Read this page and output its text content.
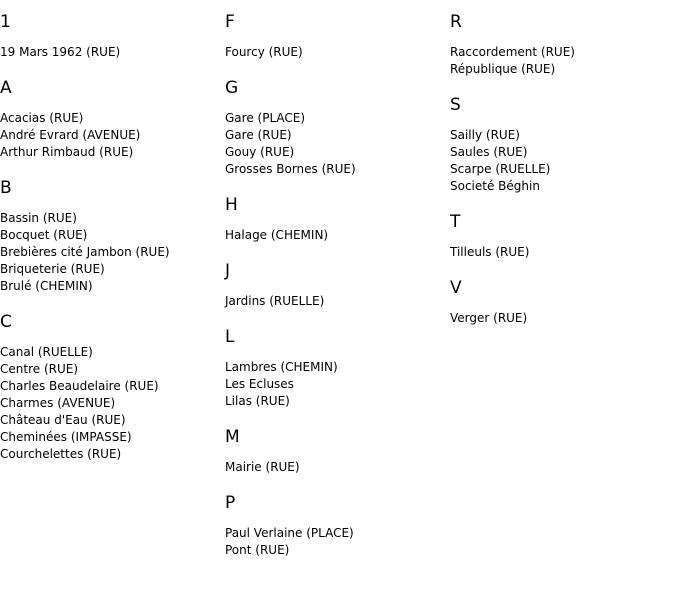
1
19 Mars 1962 (RUE)
A
Acacias (RUE)
André Evrard (AVENUE)
Arthur Rimbaud (RUE)
B
Bassin (RUE)
Bocquet (RUE)
Brebières cité Jambon (RUE)
Briqueterie (RUE)
Brulé (CHEMIN)
C
Canal (RUELLE)
Centre (RUE)
Charles Beaudelaire (RUE)
Charmes (AVENUE)
Château d'Eau (RUE)
Cheminées (IMPASSE)
Courchelettes (RUE)
F
Fourcy (RUE)
G
Gare (PLACE)
Gare (RUE)
Gouy (RUE)
Grosses Bornes (RUE)
H
Halage (CHEMIN)
J
Jardins (RUELLE)
L
Lambres (CHEMIN)
Les Ecluses
Lilas (RUE)
M
Mairie (RUE)
P
Paul Verlaine (PLACE)
Pont (RUE)
R
Raccordement (RUE)
République (RUE)
S
Sailly (RUE)
Saules (RUE)
Scarpe (RUELLE)
Societé Béghin
T
Tilleuls (RUE)
V
Verger (RUE)
